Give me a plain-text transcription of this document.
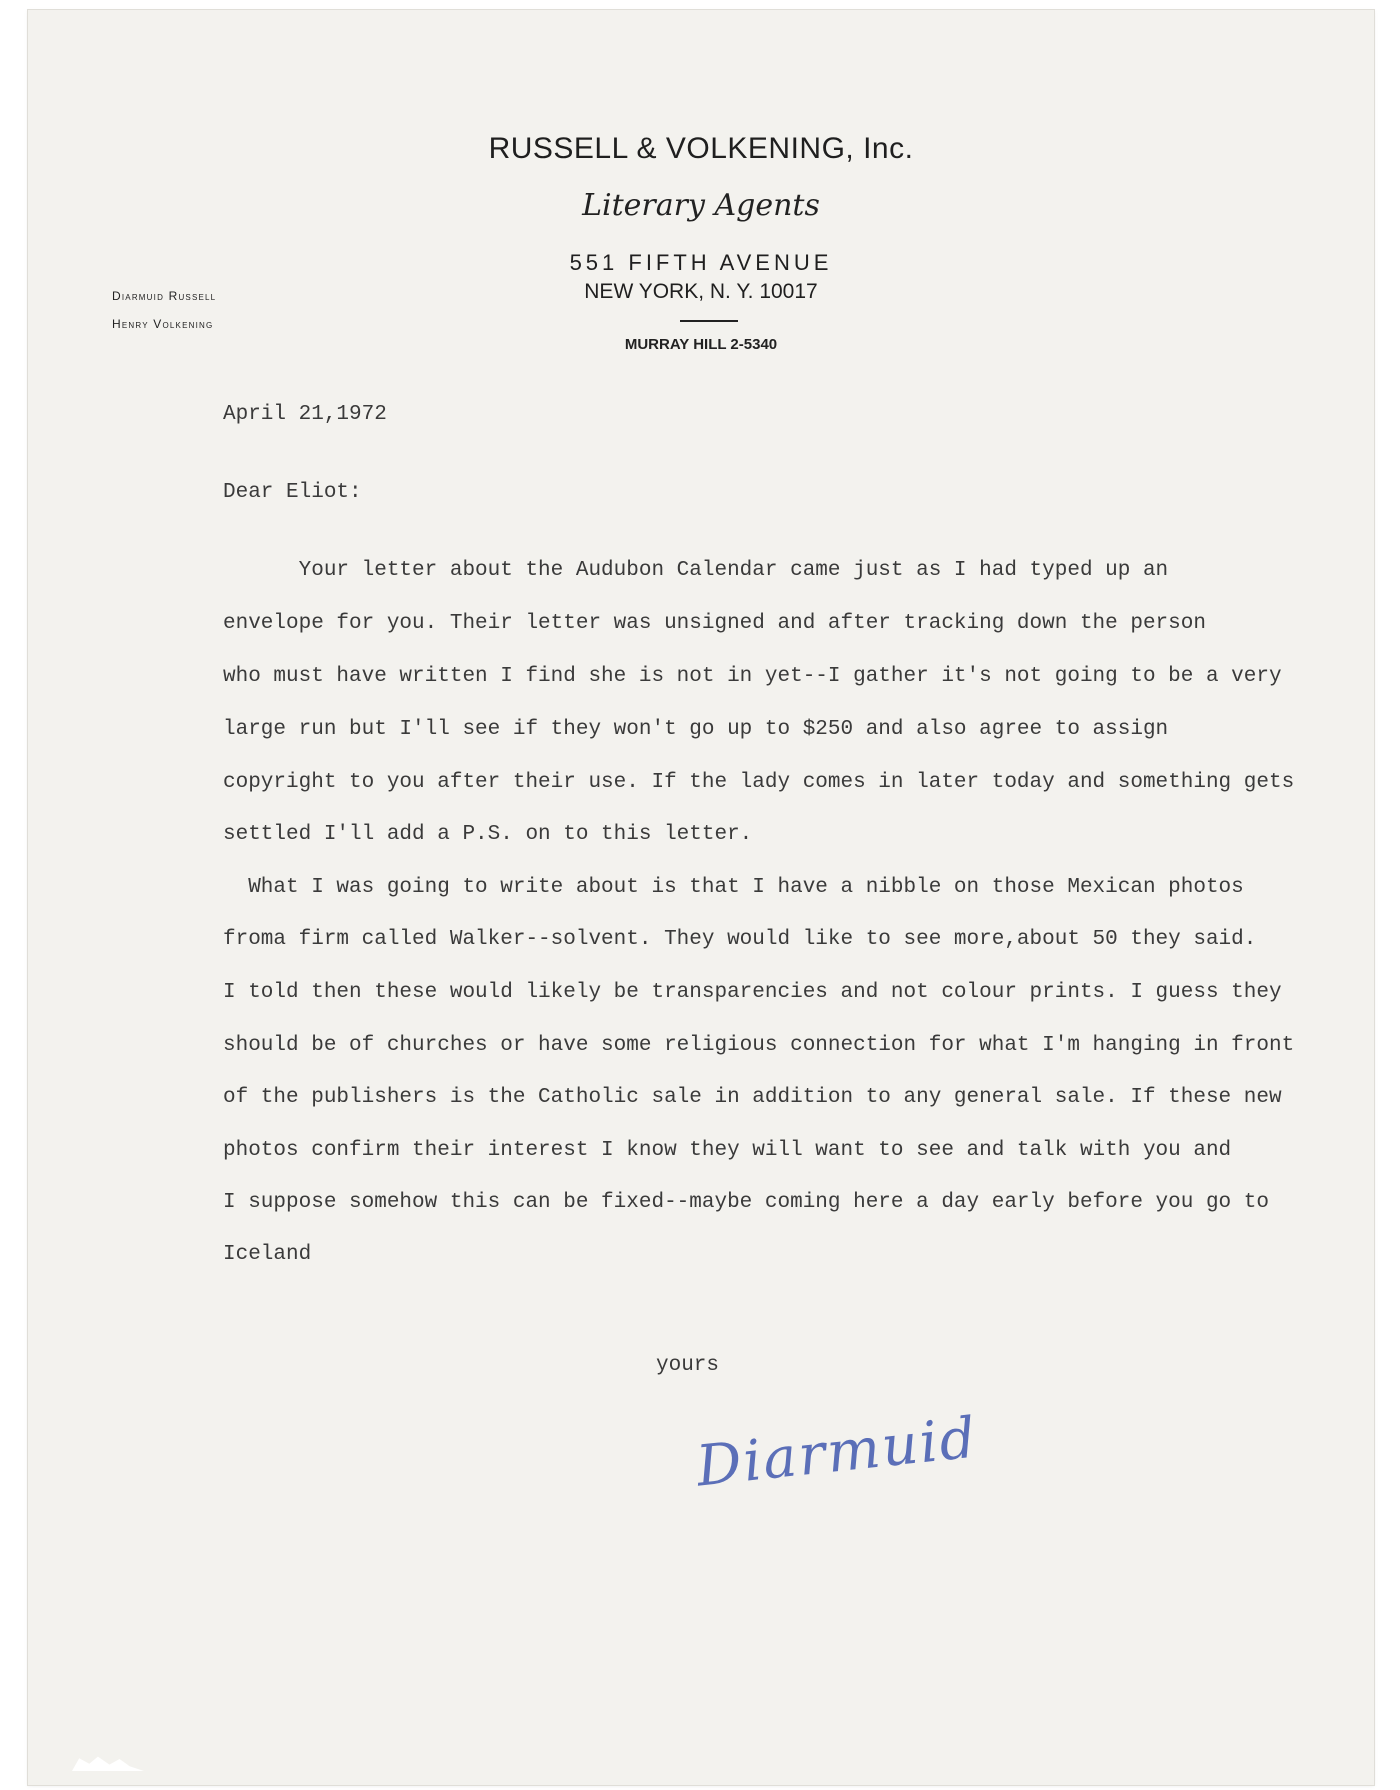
RUSSELL & VOLKENING, Inc.
Literary Agents
551 FIFTH AVENUE
NEW YORK, N. Y. 10017
MURRAY HILL 2-5340
Diarmuid Russell
Henry Volkening
April 21,1972
Dear Eliot:
Your letter about the Audubon Calendar came just as I had typed up an
envelope for you. Their letter was unsigned and after tracking down the person
who must have written I find she is not in yet--I gather it's not going to be a very
large run but I'll see if they won't go up to $250 and also agree to assign
copyright to you after their use. If the lady comes in later today and something gets
settled I'll add a P.S. on to this letter.
What I was going to write about is that I have a nibble on those Mexican photos
froma firm called Walker--solvent. They would like to see more,about 50 they said.
I told then these would likely be transparencies and not colour prints. I guess they
should be of churches or have some religious connection for what I'm hanging in front
of the publishers is the Catholic sale in addition to any general sale. If these new
photos confirm their interest I know they will want to see and talk with you and
I suppose somehow this can be fixed--maybe coming here a day early before you go to
Iceland
yours
Diarmuid
